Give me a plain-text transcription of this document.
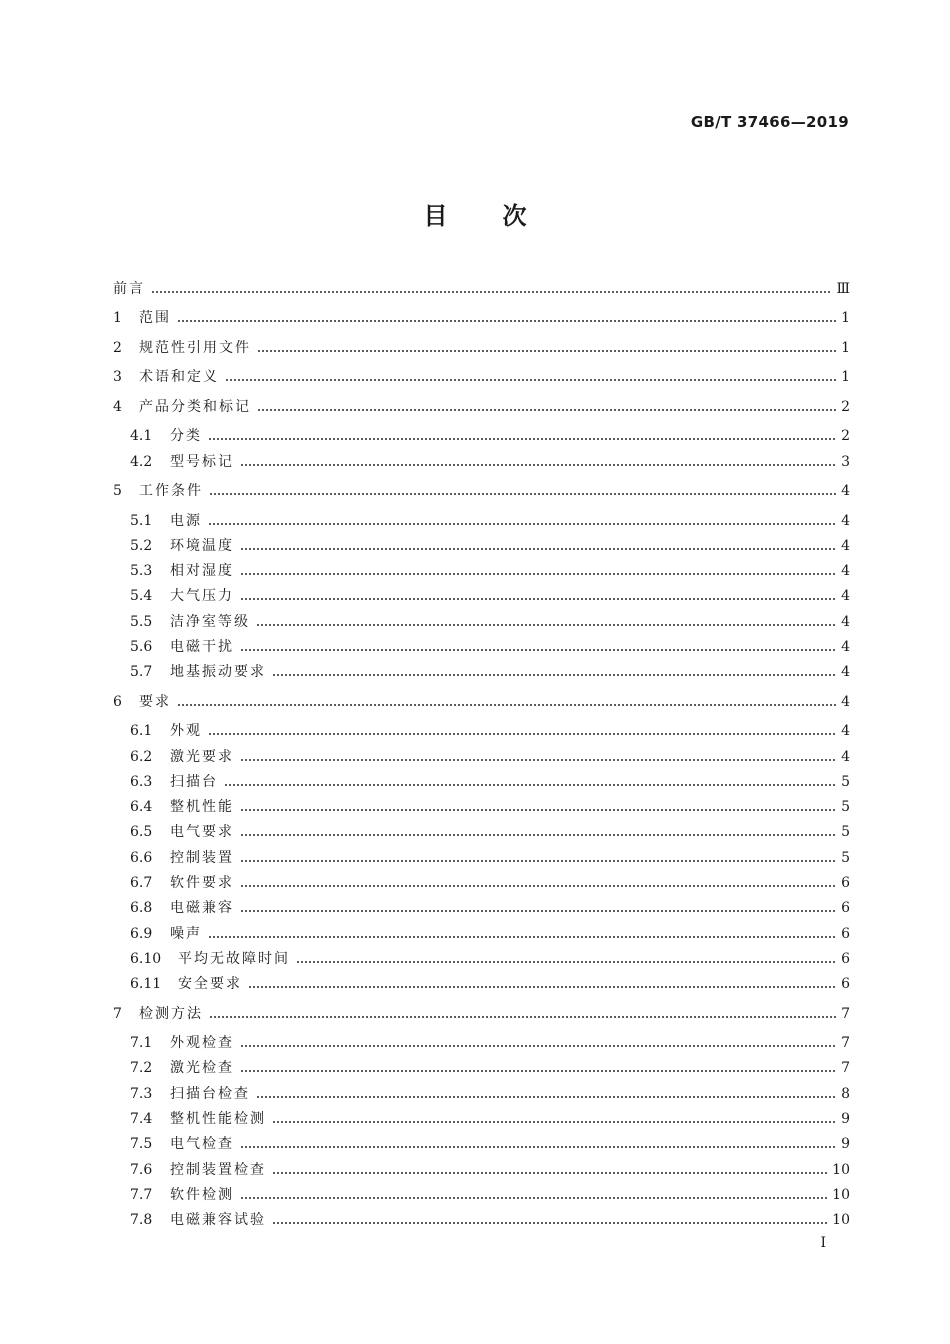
GB/T 37466—2019
目 次
前言	Ⅲ
1	范围	1
2	规范性引用文件	1
3	术语和定义	1
4	产品分类和标记	2
4.1	分类	2
4.2	型号标记	3
5	工作条件	4
5.1	电源	4
5.2	环境温度	4
5.3	相对湿度	4
5.4	大气压力	4
5.5	洁净室等级	4
5.6	电磁干扰	4
5.7	地基振动要求	4
6	要求	4
6.1	外观	4
6.2	激光要求	4
6.3	扫描台	5
6.4	整机性能	5
6.5	电气要求	5
6.6	控制装置	5
6.7	软件要求	6
6.8	电磁兼容	6
6.9	噪声	6
6.10	平均无故障时间	6
6.11	安全要求	6
7	检测方法	7
7.1	外观检查	7
7.2	激光检查	7
7.3	扫描台检查	8
7.4	整机性能检测	9
7.5	电气检查	9
7.6	控制装置检查	10
7.7	软件检测	10
7.8	电磁兼容试验	10
I
